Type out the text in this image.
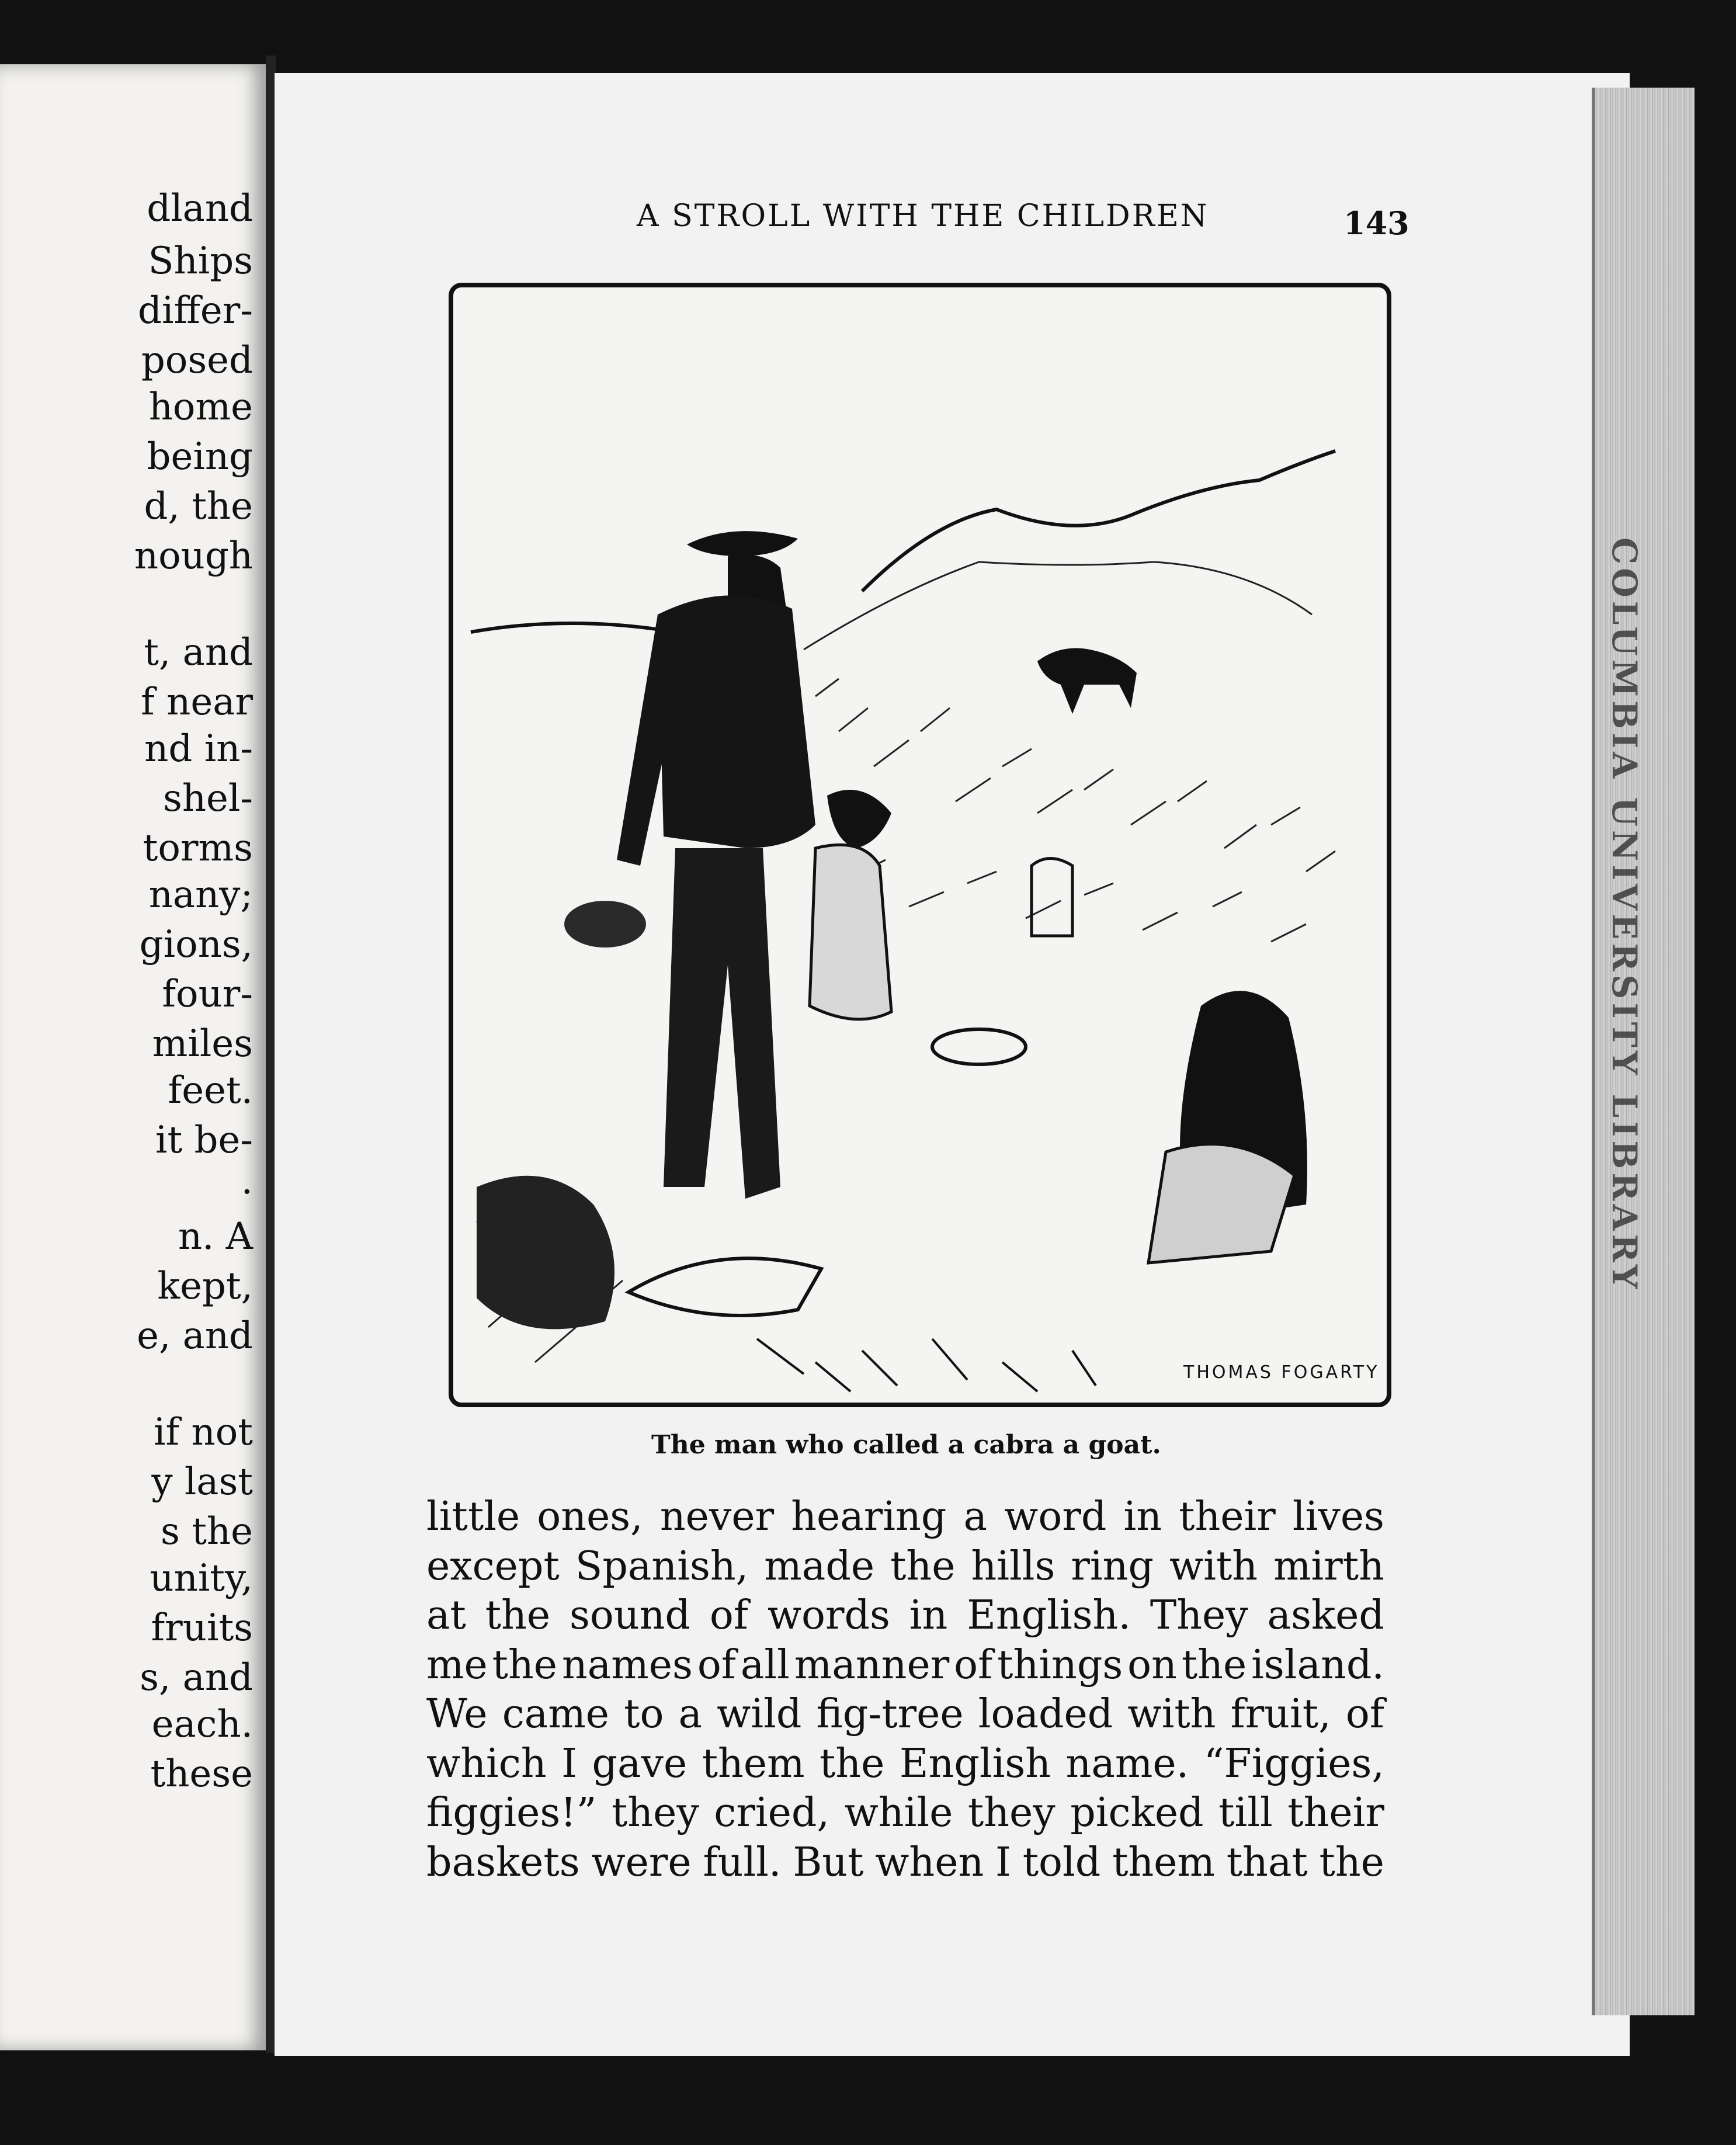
dland
Ships
differ-
posed
home
being
d, the
nough
t, and
f near
nd in-
shel-
torms
nany;
gions,
four-
miles
feet.
it be-
.
n. A
kept,
e, and
if not
y last
s the
unity,
fruits
s, and
each.
these
COLUMBIA UNIVERSITY LIBRARY
A STROLL WITH THE CHILDREN	143
THOMAS FOGARTY
The man who called a cabra a goat.
little ones, never hearing a word in their lives
except Spanish, made the hills ring with mirth
at the sound of words in English. They asked
me the names of all manner of things on the island.
We came to a wild fig-tree loaded with fruit, of
which I gave them the English name. “Figgies,
figgies!” they cried, while they picked till their
baskets were full. But when I told them that the
